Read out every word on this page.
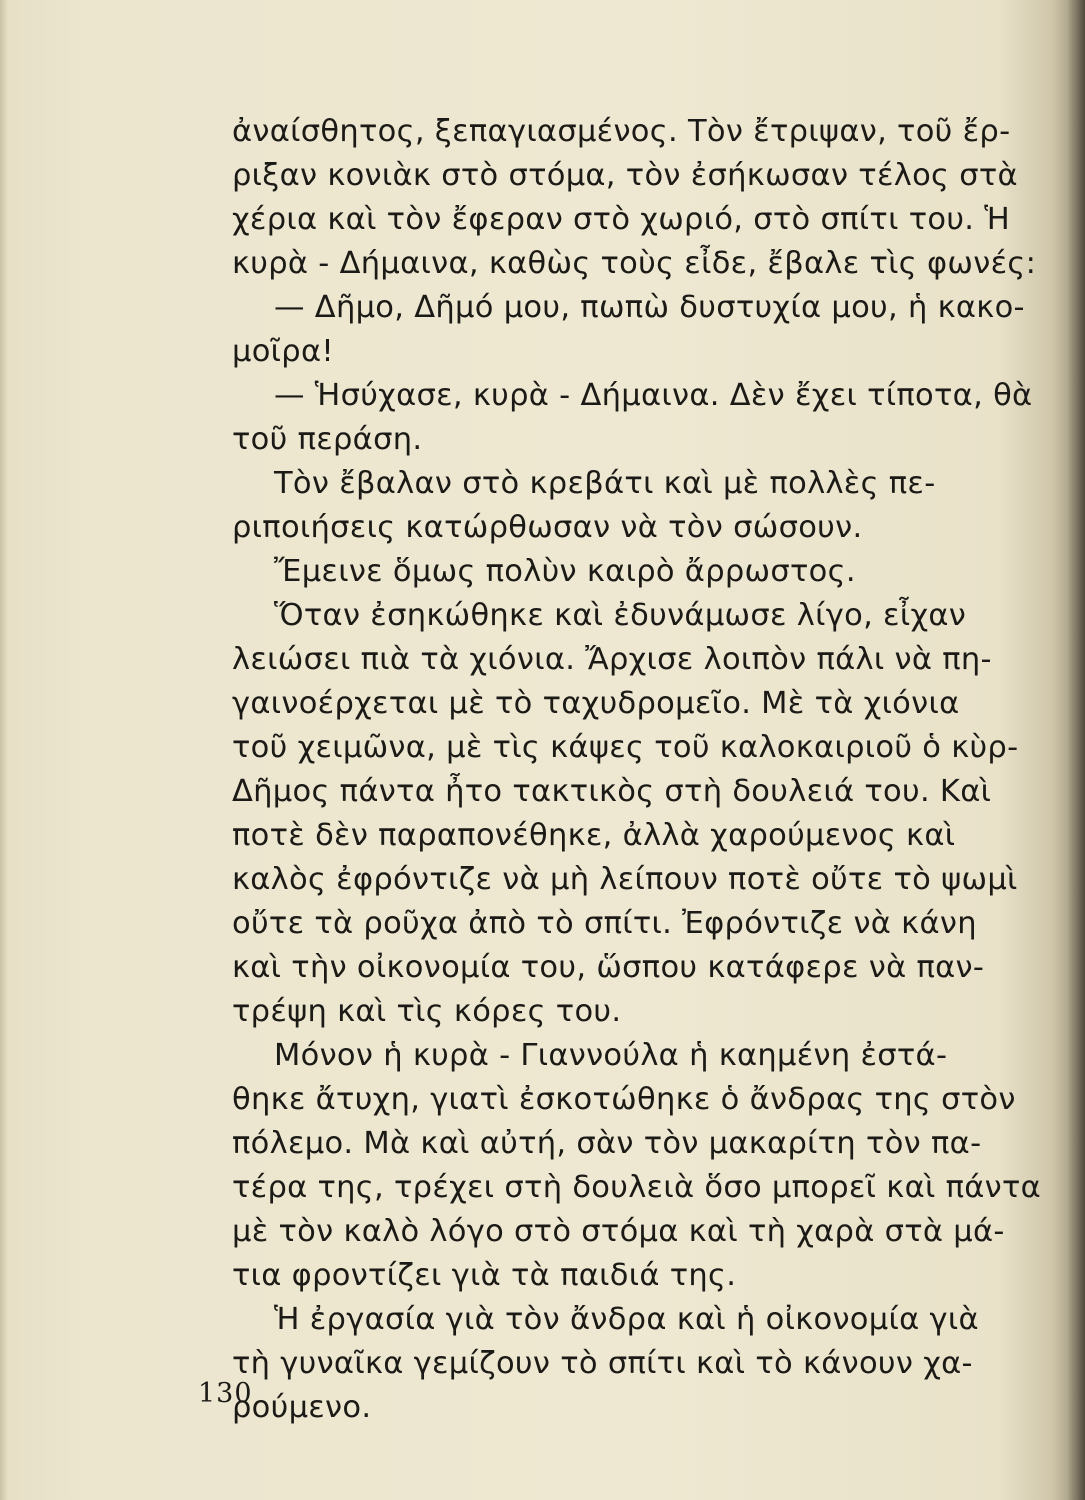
ἀναίσθητος, ξεπαγιασμένος. Τὸν ἔτριψαν, τοῦ ἔρ-
ριξαν κονιὰκ στὸ στόμα, τὸν ἐσήκωσαν τέλος στὰ
χέρια καὶ τὸν ἔφεραν στὸ χωριό, στὸ σπίτι του. Ἡ
κυρὰ - Δήμαινα, καθὼς τοὺς εἶδε, ἔβαλε τὶς φωνές:
— Δῆμο, Δῆμό μου, πωπὼ δυστυχία μου, ἡ κακο-
μοῖρα!
— Ἡσύχασε, κυρὰ - Δήμαινα. Δὲν ἔχει τίποτα, θὰ
τοῦ περάση.
Τὸν ἔβαλαν στὸ κρεβάτι καὶ μὲ πολλὲς πε-
ριποιήσεις κατώρθωσαν νὰ τὸν σώσουν.
Ἔμεινε ὅμως πολὺν καιρὸ ἄρρωστος.
Ὅταν ἐσηκώθηκε καὶ ἐδυνάμωσε λίγο, εἶχαν
λειώσει πιὰ τὰ χιόνια. Ἄρχισε λοιπὸν πάλι νὰ πη-
γαινοέρχεται μὲ τὸ ταχυδρομεῖο. Μὲ τὰ χιόνια
τοῦ χειμῶνα, μὲ τὶς κάψες τοῦ καλοκαιριοῦ ὁ κὺρ-
Δῆμος πάντα ἦτο τακτικὸς στὴ δουλειά του. Καὶ
ποτὲ δὲν παραπονέθηκε, ἀλλὰ χαρούμενος καὶ
καλὸς ἐφρόντιζε νὰ μὴ λείπουν ποτὲ οὔτε τὸ ψωμὶ
οὔτε τὰ ροῦχα ἀπὸ τὸ σπίτι. Ἐφρόντιζε νὰ κάνη
καὶ τὴν οἰκονομία του, ὥσπου κατάφερε νὰ παν-
τρέψη καὶ τὶς κόρες του.
Μόνον ἡ κυρὰ - Γιαννούλα ἡ καημένη ἐστά-
θηκε ἄτυχη, γιατὶ ἐσκοτώθηκε ὁ ἄνδρας της στὸν
πόλεμο. Μὰ καὶ αὐτή, σὰν τὸν μακαρίτη τὸν πα-
τέρα της, τρέχει στὴ δουλειὰ ὅσο μπορεῖ καὶ πάντα
μὲ τὸν καλὸ λόγο στὸ στόμα καὶ τὴ χαρὰ στὰ μά-
τια φροντίζει γιὰ τὰ παιδιά της.
Ἡ ἐργασία γιὰ τὸν ἄνδρα καὶ ἡ οἰκονομία γιὰ
τὴ γυναῖκα γεμίζουν τὸ σπίτι καὶ τὸ κάνουν χα-
ρούμενο.
130
